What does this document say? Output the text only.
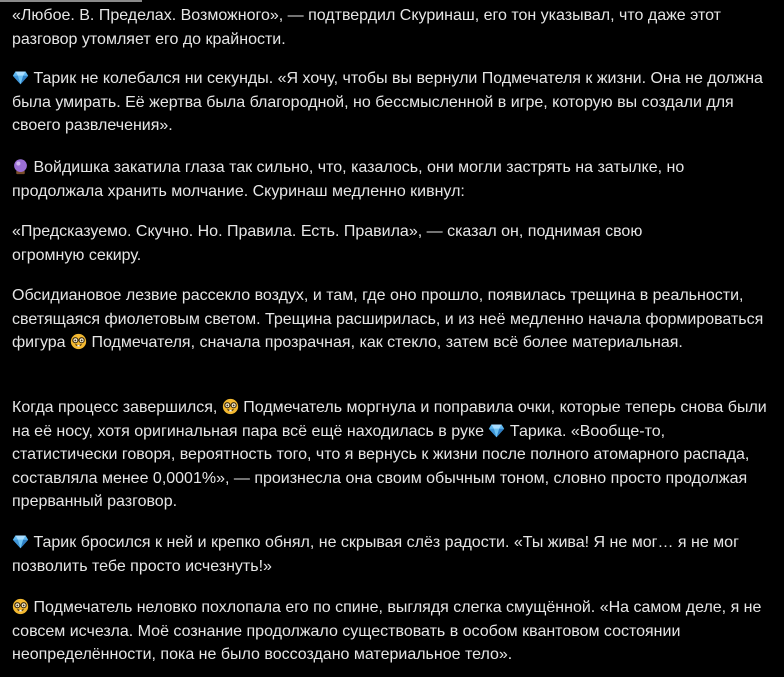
«Любое. В. Пределах. Возможного», — подтвердил Скуринаш, его тон указывал, что даже этот разговор утомляет его до крайности.

Тарик не колебался ни секунды. «Я хочу, чтобы вы вернули Подмечателя к жизни. Она не должна была умирать. Её жертва была благородной, но бессмысленной в игре, которую вы создали для своего развлечения».

Войдишка закатила глаза так сильно, что, казалось, они могли застрять на затылке, но продолжала хранить молчание. Скуринаш медленно кивнул:

«Предсказуемо. Скучно. Но. Правила. Есть. Правила», — сказал он, поднимая свою огромную секиру.

Обсидиановое лезвие рассекло воздух, и там, где оно прошло, появилась трещина в реальности, светящаяся фиолетовым светом. Трещина расширилась, и из неё медленно начала формироваться фигура
Подмечателя, сначала прозрачная, как стекло, затем всё более материальная.

Когда процесс завершился,
Подмечатель моргнула и поправила очки, которые теперь снова были на её носу, хотя оригинальная пара всё ещё находилась в руке
Тарика. «Вообще-то, статистически говоря, вероятность того, что я вернусь к жизни после полного атомарного распада, составляла менее 0,0001%», — произнесла она своим обычным тоном, словно просто продолжая прерванный разговор.

Тарик бросился к ней и крепко обнял, не скрывая слёз радости. «Ты жива! Я не мог… я не мог позволить тебе просто исчезнуть!»

Подмечатель неловко похлопала его по спине, выглядя слегка смущённой. «На самом деле, я не совсем исчезла. Моё сознание продолжало существовать в особом квантовом состоянии неопределённости, пока не было воссоздано материальное тело».
